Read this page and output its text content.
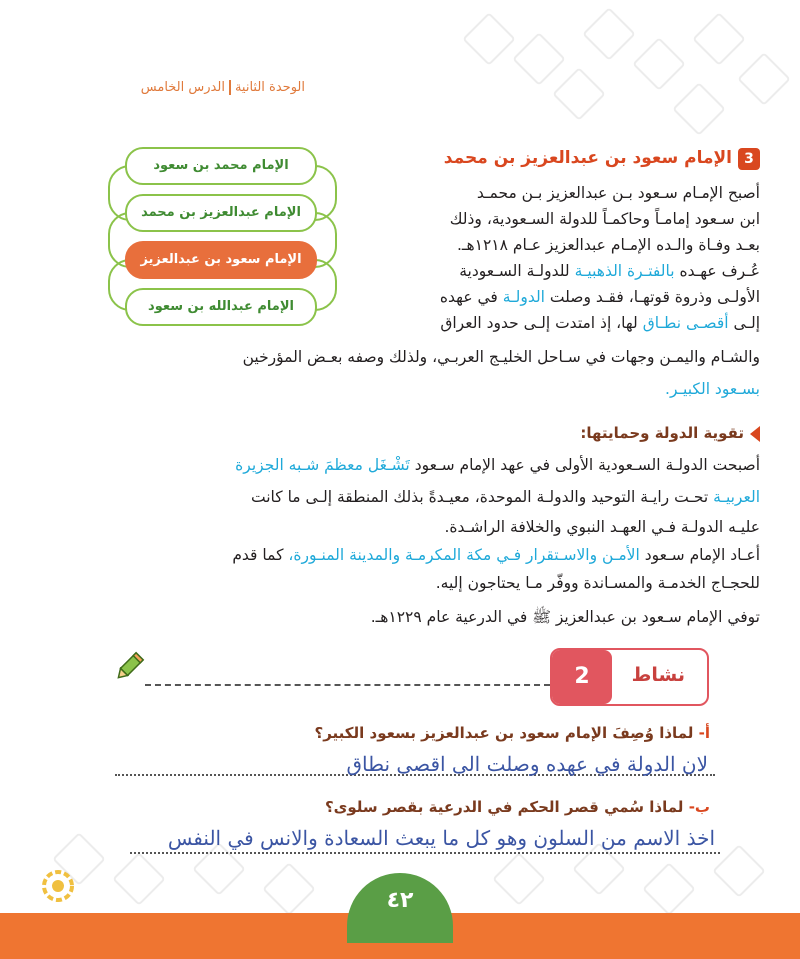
الوحدة الثانيةالدرس الخامس
3الإمام سعود بن عبدالعزيز بن محمد
الإمام محمد بن سعود
الإمام عبدالعزيز بن محمد
الإمام سعود بن عبدالعزيز
الإمام عبدالله بن سعود
أصبح الإمـام سـعود بـن عبدالعزيز بـن محمـد
ابن سـعود إمامـاً وحاكمـاً للدولة السـعودية، وذلك
بعـد وفـاة والـده الإمـام عبدالعزيز عـام ١٢١٨هـ.
عُـرف عهـده بالفتـرة الذهبيـة للدولـة السـعودية
الأولـى وذروة قوتهـا، فقـد وصلت الدولـة في عهده
إلـى أقصـى نطـاق لها، إذ امتدت إلـى حدود العراق
والشـام واليمـن وجهات في سـاحل الخليـج العربـي، ولذلك وصفه بعـض المؤرخين
بسـعود الكبيـر.
تقوية الدولة وحمايتها:
أصبحت الدولـة السـعودية الأولى في عهد الإمام سـعود تَشْـغَل معظمَ شـبه الجزيرة
العربيـة تحـت رايـة التوحيد والدولـة الموحدة، معيـدةً بذلك المنطقة إلـى ما كانت
عليـه الدولـة فـي العهـد النبوي والخلافة الراشـدة.
أعـاد الإمام سـعود الأمـن والاسـتقرار فـي مكة المكرمـة والمدينة المنـورة، كما قدم
للحجـاج الخدمـة والمسـاندة ووفّر مـا يحتاجون إليه.
توفي الإمام سـعود بن عبدالعزيز ﷺ في الدرعية عام ١٢٢٩هـ.
2	نشاط
أ- لماذا وُصِفَ الإمام سعود بن عبدالعزيز بسعود الكبير؟
لان الدولة في عهده وصلت الى اقصى نطاق
ب- لماذا سُمي قصر الحكم في الدرعية بقصر سلوى؟
اخذ الاسم من السلون وهو كل ما يبعث السعادة والانس في النفس
٤٢
